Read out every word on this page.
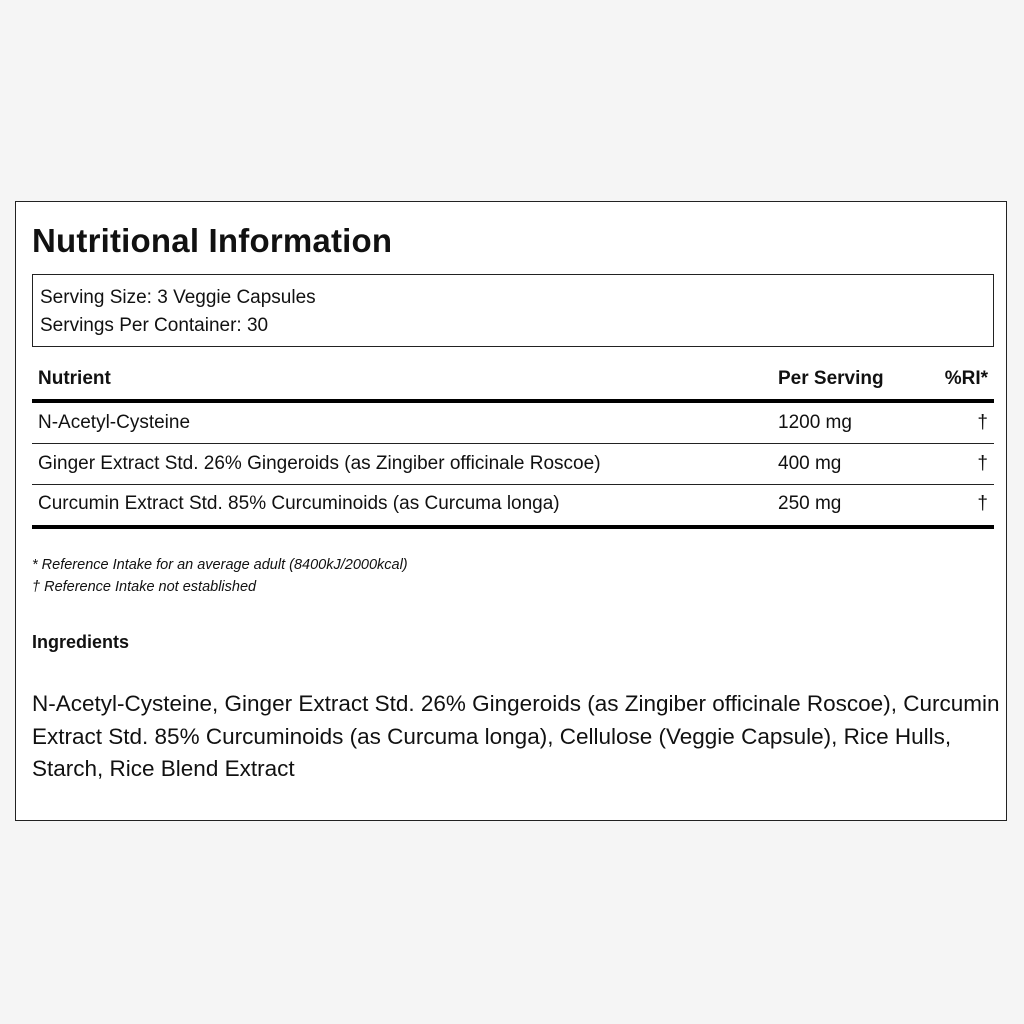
Nutritional Information
Serving Size: 3 Veggie Capsules
Servings Per Container: 30
Nutrient	Per Serving	%RI*
N-Acetyl-Cysteine	1200 mg	†
Ginger Extract Std. 26% Gingeroids (as Zingiber officinale Roscoe)	400 mg	†
Curcumin Extract Std. 85% Curcuminoids (as Curcuma longa)	250 mg	†
* Reference Intake for an average adult (8400kJ/2000kcal)
† Reference Intake not established
Ingredients
N-Acetyl-Cysteine, Ginger Extract Std. 26% Gingeroids (as Zingiber officinale Roscoe), Curcumin Extract Std. 85% Curcuminoids (as Curcuma longa), Cellulose (Veggie Capsule), Rice Hulls, Starch, Rice Blend Extract
